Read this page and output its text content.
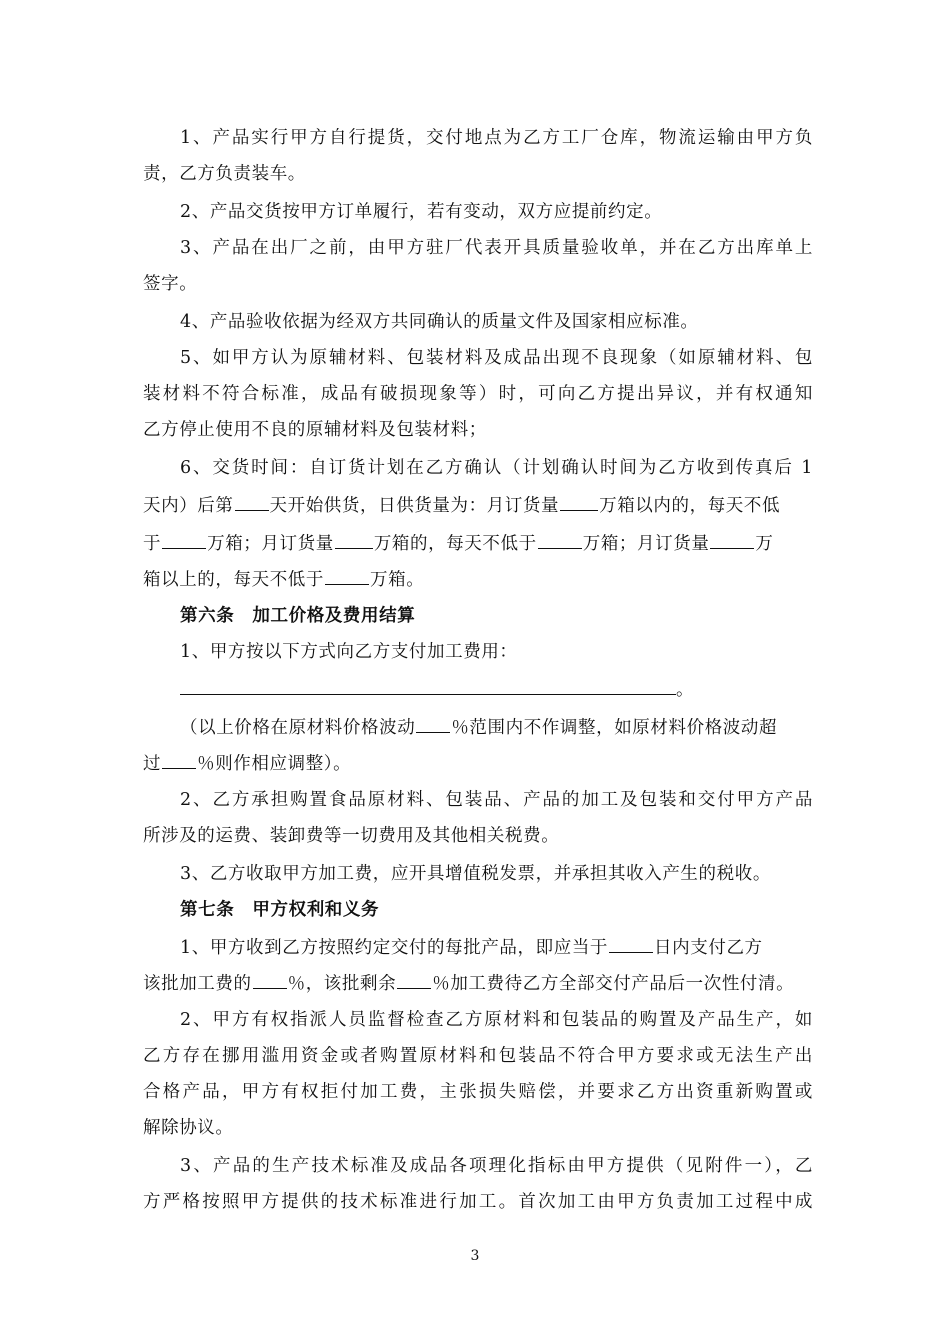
1、产品实行甲方自行提货，交付地点为乙方工厂仓库，物流运输由甲方负
责，乙方负责装车。
2、产品交货按甲方订单履行，若有变动，双方应提前约定。
3、产品在出厂之前，由甲方驻厂代表开具质量验收单，并在乙方出库单上
签字。
4、产品验收依据为经双方共同确认的质量文件及国家相应标准。
5、如甲方认为原辅材料、包装材料及成品出现不良现象（如原辅材料、包
装材料不符合标准，成品有破损现象等）时，可向乙方提出异议，并有权通知
乙方停止使用不良的原辅材料及包装材料；
6、交货时间：自订货计划在乙方确认（计划确认时间为乙方收到传真后 1
天内）后第 天开始供货，日供货量为：月订货量 万箱以内的，每天不低
于	万箱；月订货量 万箱的，每天不低于	万箱；月订货量	万
箱以上的，每天不低于	万箱。
第六条　加工价格及费用结算
1、甲方按以下方式向乙方支付加工费用：
。
（以上价格在原材料价格波动 ％范围内不作调整，如原材料价格波动超
过 ％则作相应调整）。
2、乙方承担购置食品原材料、包装品、产品的加工及包装和交付甲方产品
所涉及的运费、装卸费等一切费用及其他相关税费。
3、乙方收取甲方加工费，应开具增值税发票，并承担其收入产生的税收。
第七条　甲方权利和义务
1、甲方收到乙方按照约定交付的每批产品，即应当于	日内支付乙方
该批加工费的 ％，该批剩余 ％加工费待乙方全部交付产品后一次性付清。
2、甲方有权指派人员监督检查乙方原材料和包装品的购置及产品生产，如
乙方存在挪用滥用资金或者购置原材料和包装品不符合甲方要求或无法生产出
合格产品，甲方有权拒付加工费，主张损失赔偿，并要求乙方出资重新购置或
解除协议。
3、产品的生产技术标准及成品各项理化指标由甲方提供（见附件一），乙
方严格按照甲方提供的技术标准进行加工。首次加工由甲方负责加工过程中成
3
